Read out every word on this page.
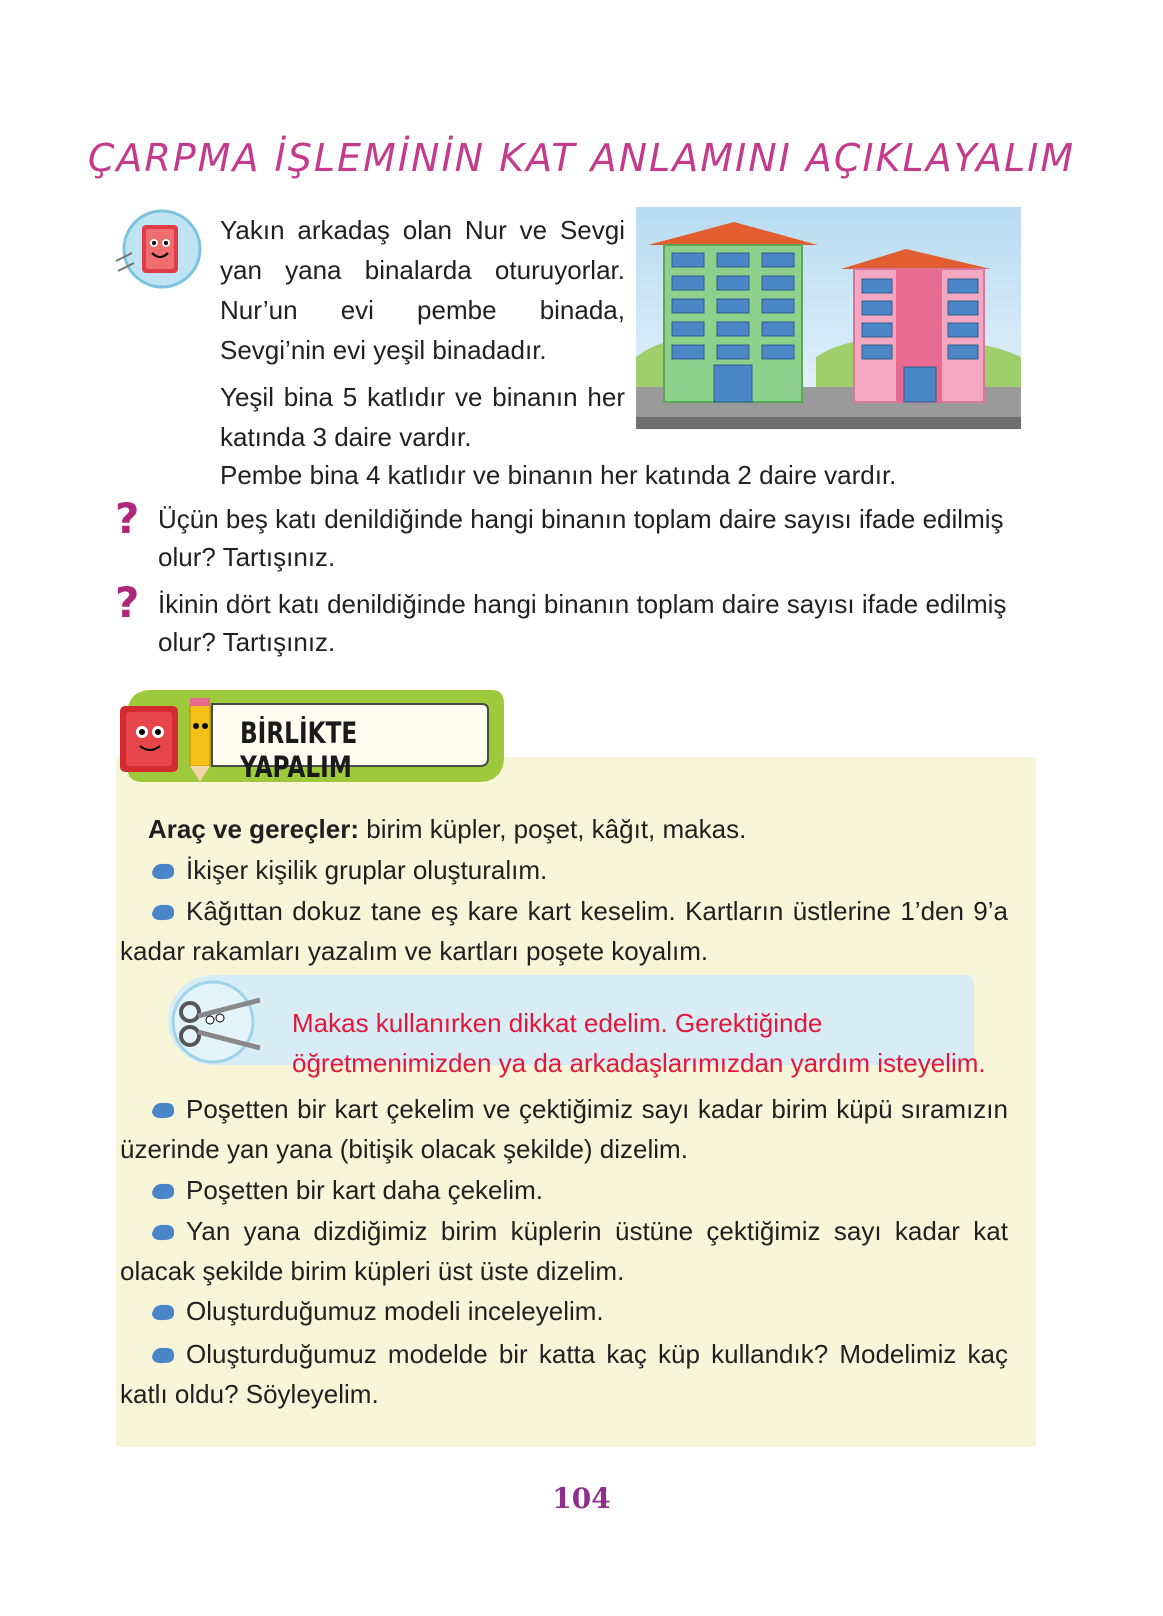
ÇARPMA İŞLEMİNİN KAT ANLAMINI AÇIKLAYALIM

Yakın arkadaş olan Nur ve Sevgi yan yana binalarda oturuyorlar. Nur’un evi pembe binada, Sevgi’nin evi yeşil binadadır.

Yeşil bina 5 katlıdır ve binanın her katında 3 daire vardır.

Pembe bina 4 katlıdır ve binanın her katında 2 daire vardır.
? Üçün beş katı denildiğinde hangi binanın toplam daire sayısı ifade edilmiş olur? Tartışınız.
? İkinin dört katı denildiğinde hangi binanın toplam daire sayısı ifade edilmiş olur? Tartışınız.
BİRLİKTE YAPALIM
Araç ve gereçler: birim küpler, poşet, kâğıt, makas.
İkişer kişilik gruplar oluşturalım.
Kâğıttan dokuz tane eş kare kart keselim. Kartların üstlerine 1’den 9’a kadar rakamları yazalım ve kartları poşete koyalım.
Makas kullanırken dikkat edelim. Gerektiğinde öğretmenimizden ya da arkadaşlarımızdan yardım isteyelim.
Poşetten bir kart çekelim ve çektiğimiz sayı kadar birim küpü sıramızın üzerinde yan yana (bitişik olacak şekilde) dizelim.
Poşetten bir kart daha çekelim.
Yan yana dizdiğimiz birim küplerin üstüne çektiğimiz sayı kadar kat olacak şekilde birim küpleri üst üste dizelim.
Oluşturduğumuz modeli inceleyelim.
Oluşturduğumuz modelde bir katta kaç küp kullandık? Modelimiz kaç katlı oldu? Söyleyelim.
104
